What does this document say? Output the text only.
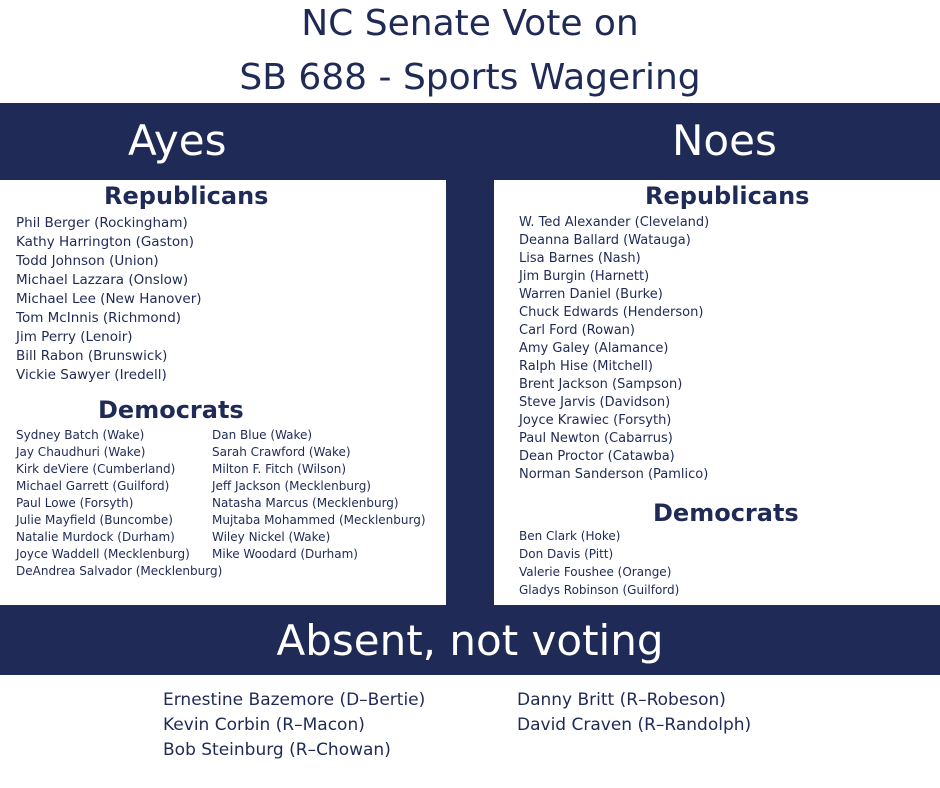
NC Senate Vote on
SB 688 - Sports Wagering
Ayes	Noes
Republicans
Phil Berger (Rockingham)
Kathy Harrington (Gaston)
Todd Johnson (Union)
Michael Lazzara (Onslow)
Michael Lee (New Hanover)
Tom McInnis (Richmond)
Jim Perry (Lenoir)
Bill Rabon (Brunswick)
Vickie Sawyer (Iredell)
Democrats
Sydney Batch (Wake)
Jay Chaudhuri (Wake)
Kirk deViere (Cumberland)
Michael Garrett (Guilford)
Paul Lowe (Forsyth)
Julie Mayfield (Buncombe)
Natalie Murdock (Durham)
Joyce Waddell (Mecklenburg)
DeAndrea Salvador (Mecklenburg)
Dan Blue (Wake)
Sarah Crawford (Wake)
Milton F. Fitch (Wilson)
Jeff Jackson (Mecklenburg)
Natasha Marcus (Mecklenburg)
Mujtaba Mohammed (Mecklenburg)
Wiley Nickel (Wake)
Mike Woodard (Durham)
Republicans
W. Ted Alexander (Cleveland)
Deanna Ballard (Watauga)
Lisa Barnes (Nash)
Jim Burgin (Harnett)
Warren Daniel (Burke)
Chuck Edwards (Henderson)
Carl Ford (Rowan)
Amy Galey (Alamance)
Ralph Hise (Mitchell)
Brent Jackson (Sampson)
Steve Jarvis (Davidson)
Joyce Krawiec (Forsyth)
Paul Newton (Cabarrus)
Dean Proctor (Catawba)
Norman Sanderson (Pamlico)
Democrats
Ben Clark (Hoke)
Don Davis (Pitt)
Valerie Foushee (Orange)
Gladys Robinson (Guilford)
Absent, not voting
Ernestine Bazemore (D–Bertie)
Kevin Corbin (R–Macon)
Bob Steinburg (R–Chowan)
Danny Britt (R–Robeson)
David Craven (R–Randolph)
